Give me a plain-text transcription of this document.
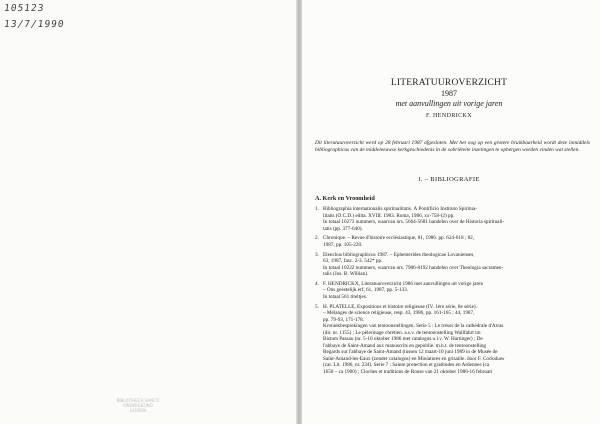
105123
13/7/1990
BIBLIOTHECA SANCTI
ONDERGEOND
LEUVEN
LITERATUUROVERZICHT
1987
met aanvullingen uit vorige jaren
F. HENDRICKX
Dit literatuuroverzicht werd op 28 februari 1987 afgesloten. Met het oog op een grotere bruikbaarheid wordt deze inmiddels bibliographicus van de middeleeuwse kerkgeschiedenis in de sobriëteite inzetingen te opbergen worden vinden wat stellen.
I. – BIBLIOGRAFIE
A. Kerk en Vroomheid
1. Bibliographia internationalis spiritualitatis. À Pontificio Instituto Spiritua-
litatis (O.C.D.) edita. XVIII. 1983. Roma, 1986, xx-758-(2) pp.
In totaal 10273 nummers, waarvan nrs. 5664-5681 handelen over de Historia spirituali-
tatis (pp. 377-640).
2. Chronique. – Revue d'histoire ecclésiastique, 81, 1986. pp. 624-618 ; 82,
1987, pp. 105-220.
3. Elenchus bibliographicus 1987. – Ephemerides theologicae Lovanienses,
63, 1987, fasc. 2-3. 542* pp.
In totaal 10222 nummers, waarvan nrs. 7906-8192 handelen over Theologia sacramen-
talis (Jos. B. Willian).
4. F. HENDRICKX, Literatuuroverzicht 1986 met aanvullingen uit vorige jaren
– Ons geestelijk erf, 61, 1987, pp. 5-133.
In totaal 561 titeltjes.
5. H. PLATELLE, Expositions et histoire religieuse (IV. 1ère série, 8e série).
– Mélanges de science religieuse, resp. 43, 1986, pp. 161-165 ; 44, 1987,
pp. 79-93, 171-178.
Kroniekbesprekingen van tentoonstellingen. Serie 5 : Le trésor de la cathédrale d'Arras
(dir. nr. 1155) ; Le pèlerinage chrétien. a.s.v. de tentoonstelling Wallfahrt im
Bistum Passau (nr. 5-10 oktober 1986 met catalogus o.l.v. W. Hartinger) ; De
l'abbaye de Saint-Amand aux manuscrits en gepublie. m.b.t. de tentoonstelling
Regards sur l'abbaye de Saint-Amand (tussen 12 maart-10 juni 1989 in de Musée de
Saint-Amand-les-Eaux (zonder catalogus) en Miniatures en grisaille. door F. Cockshaw
(cat. Lit. 1986, nr. 234). Serie 7 : Sainte protection et gratitudes en Ardennes (ca
1650 – ca 1900) ; Cloches et traditions de Ronse van 21 oktober 1986-16 februari
